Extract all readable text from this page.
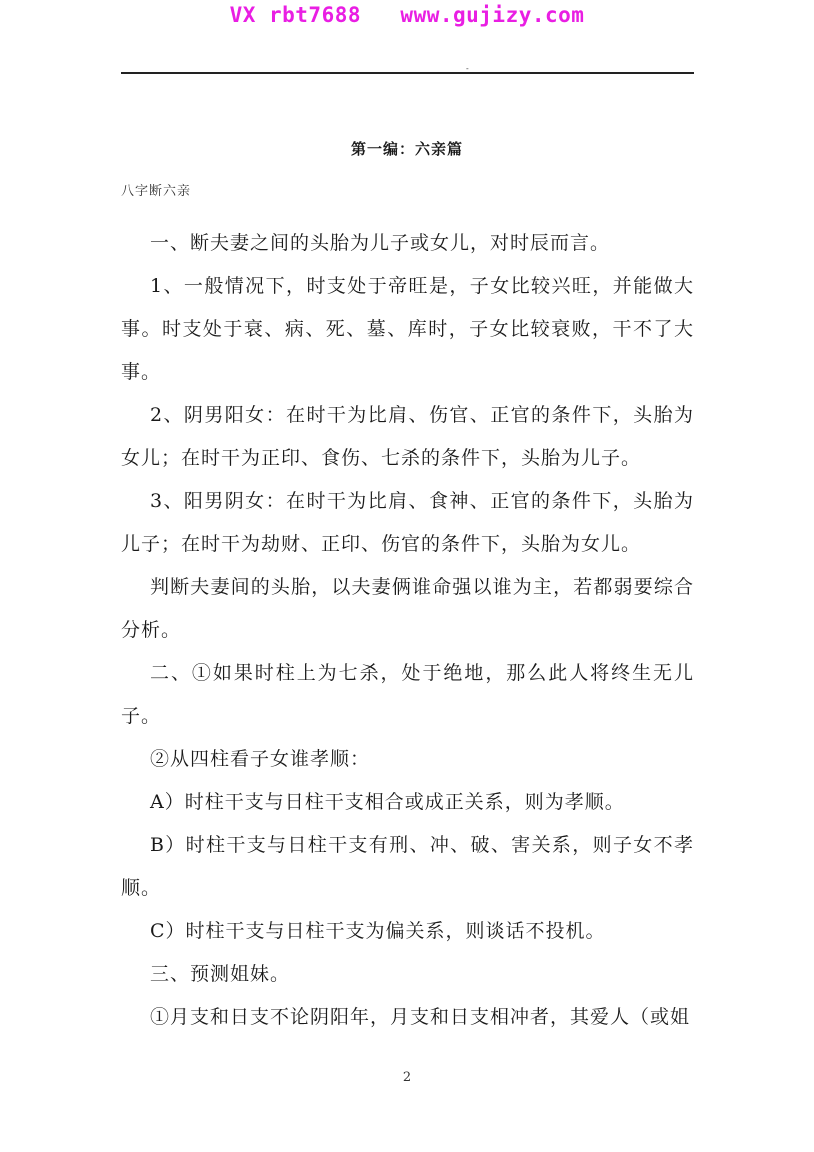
VX rbt7688   www.gujizy.com
-
第一编：六亲篇
八字断六亲

一、断夫妻之间的头胎为儿子或女儿，对时辰而言。

1、一般情况下，时支处于帝旺是，子女比较兴旺，并能做大事。时支处于衰、病、死、墓、库时，子女比较衰败，干不了大事。

2、阴男阳女：在时干为比肩、伤官、正官的条件下，头胎为女儿；在时干为正印、食伤、七杀的条件下，头胎为儿子。

3、阳男阴女：在时干为比肩、食神、正官的条件下，头胎为儿子；在时干为劫财、正印、伤官的条件下，头胎为女儿。

判断夫妻间的头胎，以夫妻俩谁命强以谁为主，若都弱要综合分析。

二、①如果时柱上为七杀，处于绝地，那么此人将终生无儿子。

②从四柱看子女谁孝顺：

A）时柱干支与日柱干支相合或成正关系，则为孝顺。

B）时柱干支与日柱干支有刑、冲、破、害关系，则子女不孝顺。

C）时柱干支与日柱干支为偏关系，则谈话不投机。

三、预测姐妹。

①月支和日支不论阴阳年，月支和日支相冲者，其爱人（或姐

2
